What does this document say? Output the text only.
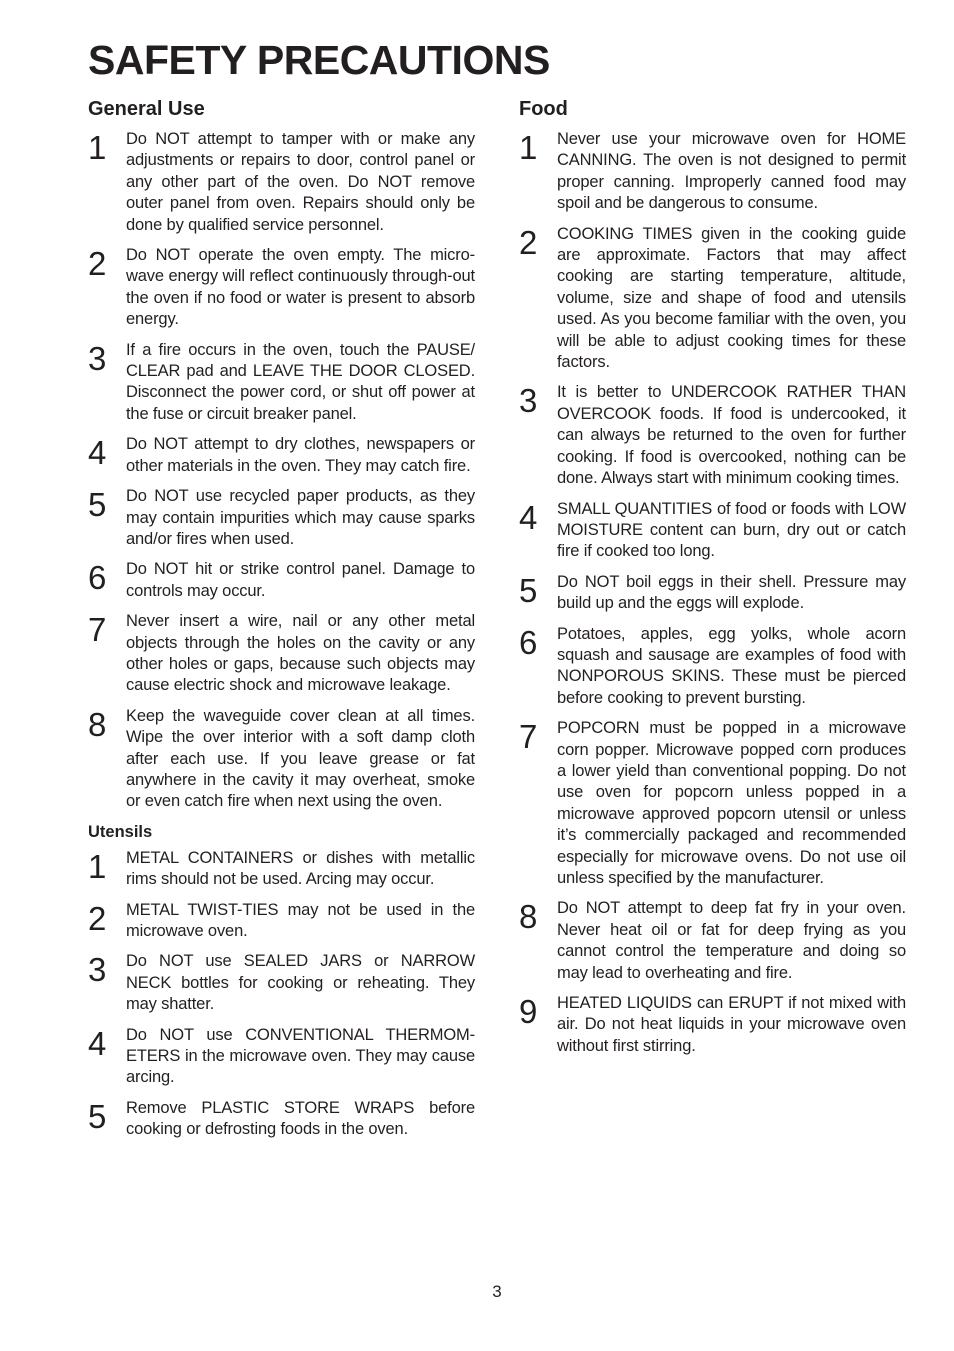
SAFETY PRECAUTIONS
General Use
1 Do NOT attempt to tamper with or make any adjustments or repairs to door, control panel or any other part of the oven. Do NOT remove outer panel from oven. Repairs should only be done by qualified service personnel.
2 Do NOT operate the oven empty. The micro-wave energy will reflect continuously through-out the oven if no food or water is present to absorb energy.
3 If a fire occurs in the oven, touch the PAUSE/ CLEAR pad and LEAVE THE DOOR CLOSED. Disconnect the power cord, or shut off power at the fuse or circuit breaker panel.
4 Do NOT attempt to dry clothes, newspapers or other materials in the oven. They may catch fire.
5 Do NOT use recycled paper products, as they may contain impurities which may cause sparks and/or fires when used.
6 Do NOT hit or strike control panel. Damage to controls may occur.
7 Never insert a wire, nail or any other metal objects through the holes on the cavity or any other holes or gaps, because such objects may cause electric shock and microwave leakage.
8 Keep the waveguide cover clean at all times. Wipe the over interior with a soft damp cloth after each use. If you leave grease or fat anywhere in the cavity it may overheat, smoke or even catch fire when next using the oven.
Utensils
1 METAL CONTAINERS or dishes with metallic rims should not be used. Arcing may occur.
2 METAL TWIST-TIES may not be used in the microwave oven.
3 Do NOT use SEALED JARS or NARROW NECK bottles for cooking or reheating. They may shatter.
4 Do NOT use CONVENTIONAL THERMOM-ETERS in the microwave oven. They may cause arcing.
5 Remove PLASTIC STORE WRAPS before cooking or defrosting foods in the oven.
Food
1 Never use your microwave oven for HOME CANNING. The oven is not designed to permit proper canning. Improperly canned food may spoil and be dangerous to consume.
2 COOKING TIMES given in the cooking guide are approximate. Factors that may affect cooking are starting temperature, altitude, volume, size and shape of food and utensils used. As you become familiar with the oven, you will be able to adjust cooking times for these factors.
3 It is better to UNDERCOOK RATHER THAN OVERCOOK foods. If food is undercooked, it can always be returned to the oven for further cooking. If food is overcooked, nothing can be done. Always start with minimum cooking times.
4 SMALL QUANTITIES of food or foods with LOW MOISTURE content can burn, dry out or catch fire if cooked too long.
5 Do NOT boil eggs in their shell. Pressure may build up and the eggs will explode.
6 Potatoes, apples, egg yolks, whole acorn squash and sausage are examples of food with NONPOROUS SKINS. These must be pierced before cooking to prevent bursting.
7 POPCORN must be popped in a microwave corn popper. Microwave popped corn produces a lower yield than conventional popping. Do not use oven for popcorn unless popped in a microwave approved popcorn utensil or unless it’s commercially packaged and recommended especially for microwave ovens. Do not use oil unless specified by the manufacturer.
8 Do NOT attempt to deep fat fry in your oven. Never heat oil or fat for deep frying as you cannot control the temperature and doing so may lead to overheating and fire.
9 HEATED LIQUIDS can ERUPT if not mixed with air. Do not heat liquids in your microwave oven without first stirring.
3
